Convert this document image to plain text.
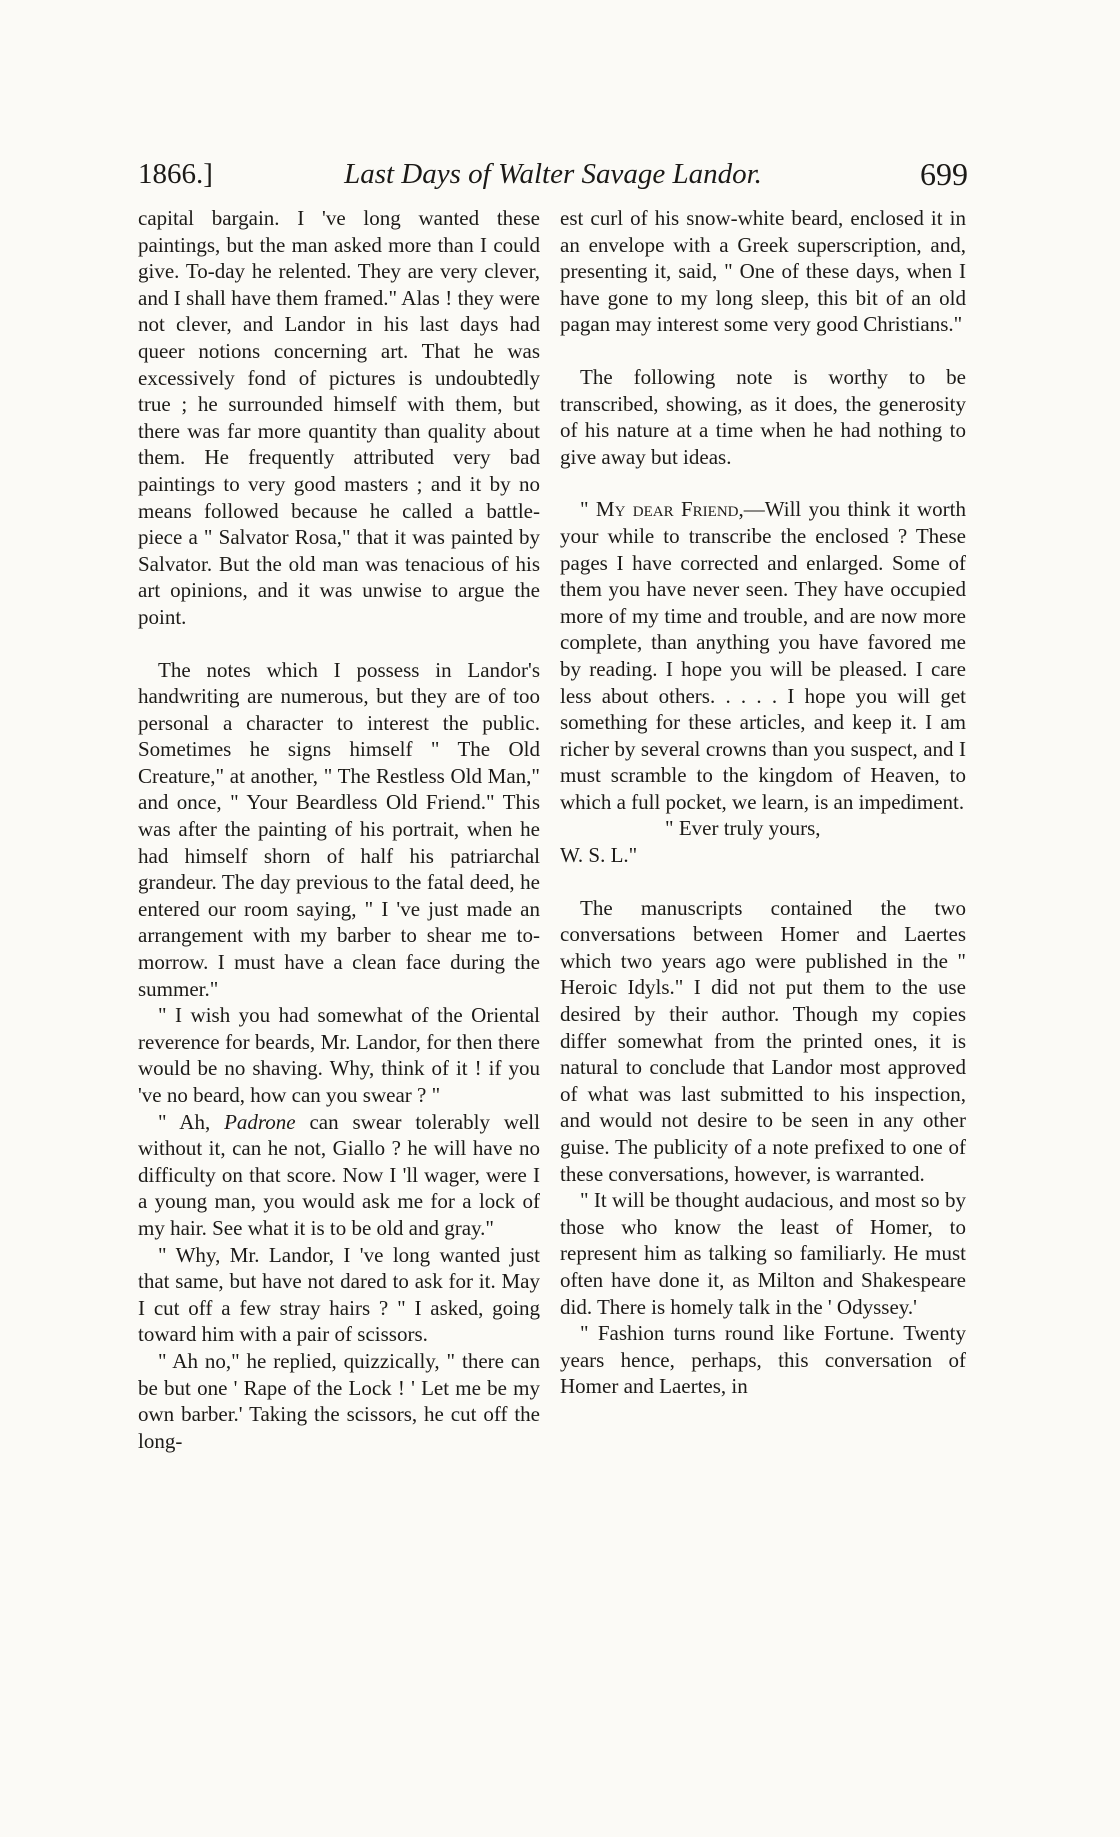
1866.]	Last Days of Walter Savage Landor.	699

capital bargain. I 've long wanted these paintings, but the man asked more than I could give. To-day he relented. They are very clever, and I shall have them framed." Alas ! they were not clever, and Landor in his last days had queer notions concerning art. That he was excessively fond of pictures is undoubtedly true ; he surrounded himself with them, but there was far more quantity than quality about them. He frequently attributed very bad paintings to very good masters ; and it by no means followed because he called a battle-piece a " Salvator Rosa," that it was painted by Salvator. But the old man was tenacious of his art opinions, and it was unwise to argue the point.

The notes which I possess in Landor's handwriting are numerous, but they are of too personal a character to interest the public. Sometimes he signs himself " The Old Creature," at another, " The Restless Old Man," and once, " Your Beardless Old Friend." This was after the painting of his portrait, when he had himself shorn of half his patriarchal grandeur. The day previous to the fatal deed, he entered our room saying, " I 've just made an arrangement with my barber to shear me to-morrow. I must have a clean face during the summer."

" I wish you had somewhat of the Oriental reverence for beards, Mr. Landor, for then there would be no shaving. Why, think of it ! if you 've no beard, how can you swear ? "

" Ah, Padrone can swear tolerably well without it, can he not, Giallo ? he will have no difficulty on that score. Now I 'll wager, were I a young man, you would ask me for a lock of my hair. See what it is to be old and gray."

" Why, Mr. Landor, I 've long wanted just that same, but have not dared to ask for it. May I cut off a few stray hairs ? " I asked, going toward him with a pair of scissors.

" Ah no," he replied, quizzically, " there can be but one ' Rape of the Lock ! ' Let me be my own barber.' Taking the scissors, he cut off the long-

est curl of his snow-white beard, enclosed it in an envelope with a Greek superscription, and, presenting it, said, " One of these days, when I have gone to my long sleep, this bit of an old pagan may interest some very good Christians."

The following note is worthy to be transcribed, showing, as it does, the generosity of his nature at a time when he had nothing to give away but ideas.

" My dear Friend,—Will you think it worth your while to transcribe the enclosed ? These pages I have corrected and enlarged. Some of them you have never seen. They have occupied more of my time and trouble, and are now more complete, than anything you have favored me by reading. I hope you will be pleased. I care less about others. . . . . I hope you will get something for these articles, and keep it. I am richer by several crowns than you suspect, and I must scramble to the kingdom of Heaven, to which a full pocket, we learn, is an impediment.

" Ever truly yours,

W. S. L."

The manuscripts contained the two conversations between Homer and Laertes which two years ago were published in the " Heroic Idyls." I did not put them to the use desired by their author. Though my copies differ somewhat from the printed ones, it is natural to conclude that Landor most approved of what was last submitted to his inspection, and would not desire to be seen in any other guise. The publicity of a note prefixed to one of these conversations, however, is warranted.

" It will be thought audacious, and most so by those who know the least of Homer, to represent him as talking so familiarly. He must often have done it, as Milton and Shakespeare did. There is homely talk in the ' Odyssey.'

" Fashion turns round like Fortune. Twenty years hence, perhaps, this conversation of Homer and Laertes, in
